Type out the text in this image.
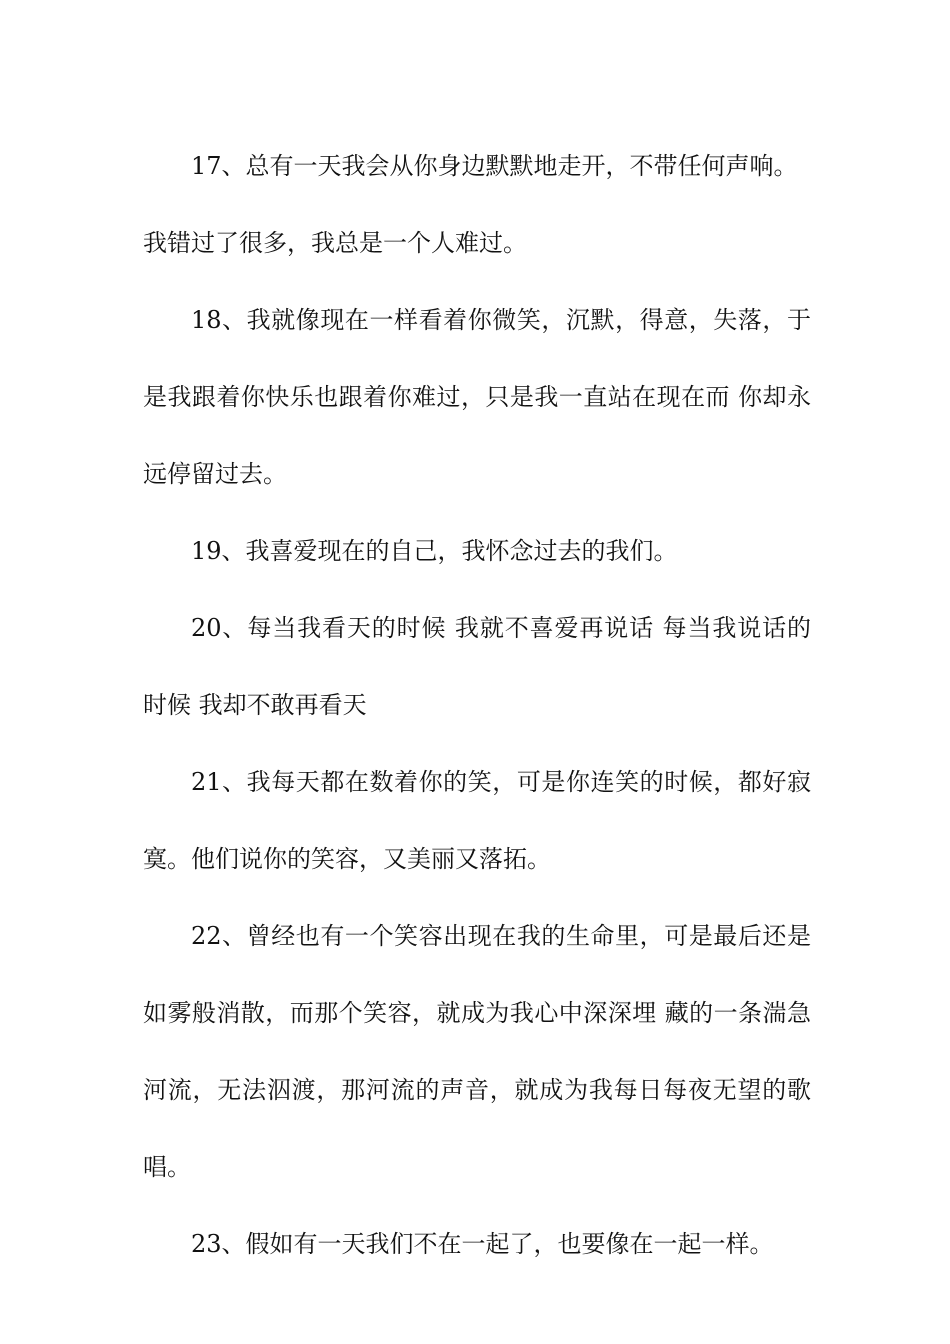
17、总有一天我会从你身边默默地走开，不带任何声响。

我错过了很多，我总是一个人难过。

18、我就像现在一样看着你微笑，沉默，得意，失落，于是我跟着你快乐也跟着你难过，只是我一直站在现在而 你却永远停留过去。

19、我喜爱现在的自己，我怀念过去的我们。

20、每当我看天的时候 我就不喜爱再说话 每当我说话的时候 我却不敢再看天

21、我每天都在数着你的笑，可是你连笑的时候，都好寂寞。他们说你的笑容，又美丽又落拓。

22、曾经也有一个笑容出现在我的生命里，可是最后还是如雾般消散，而那个笑容，就成为我心中深深埋 藏的一条湍急河流，无法泅渡，那河流的声音，就成为我每日每夜无望的歌唱。

23、假如有一天我们不在一起了，也要像在一起一样。
